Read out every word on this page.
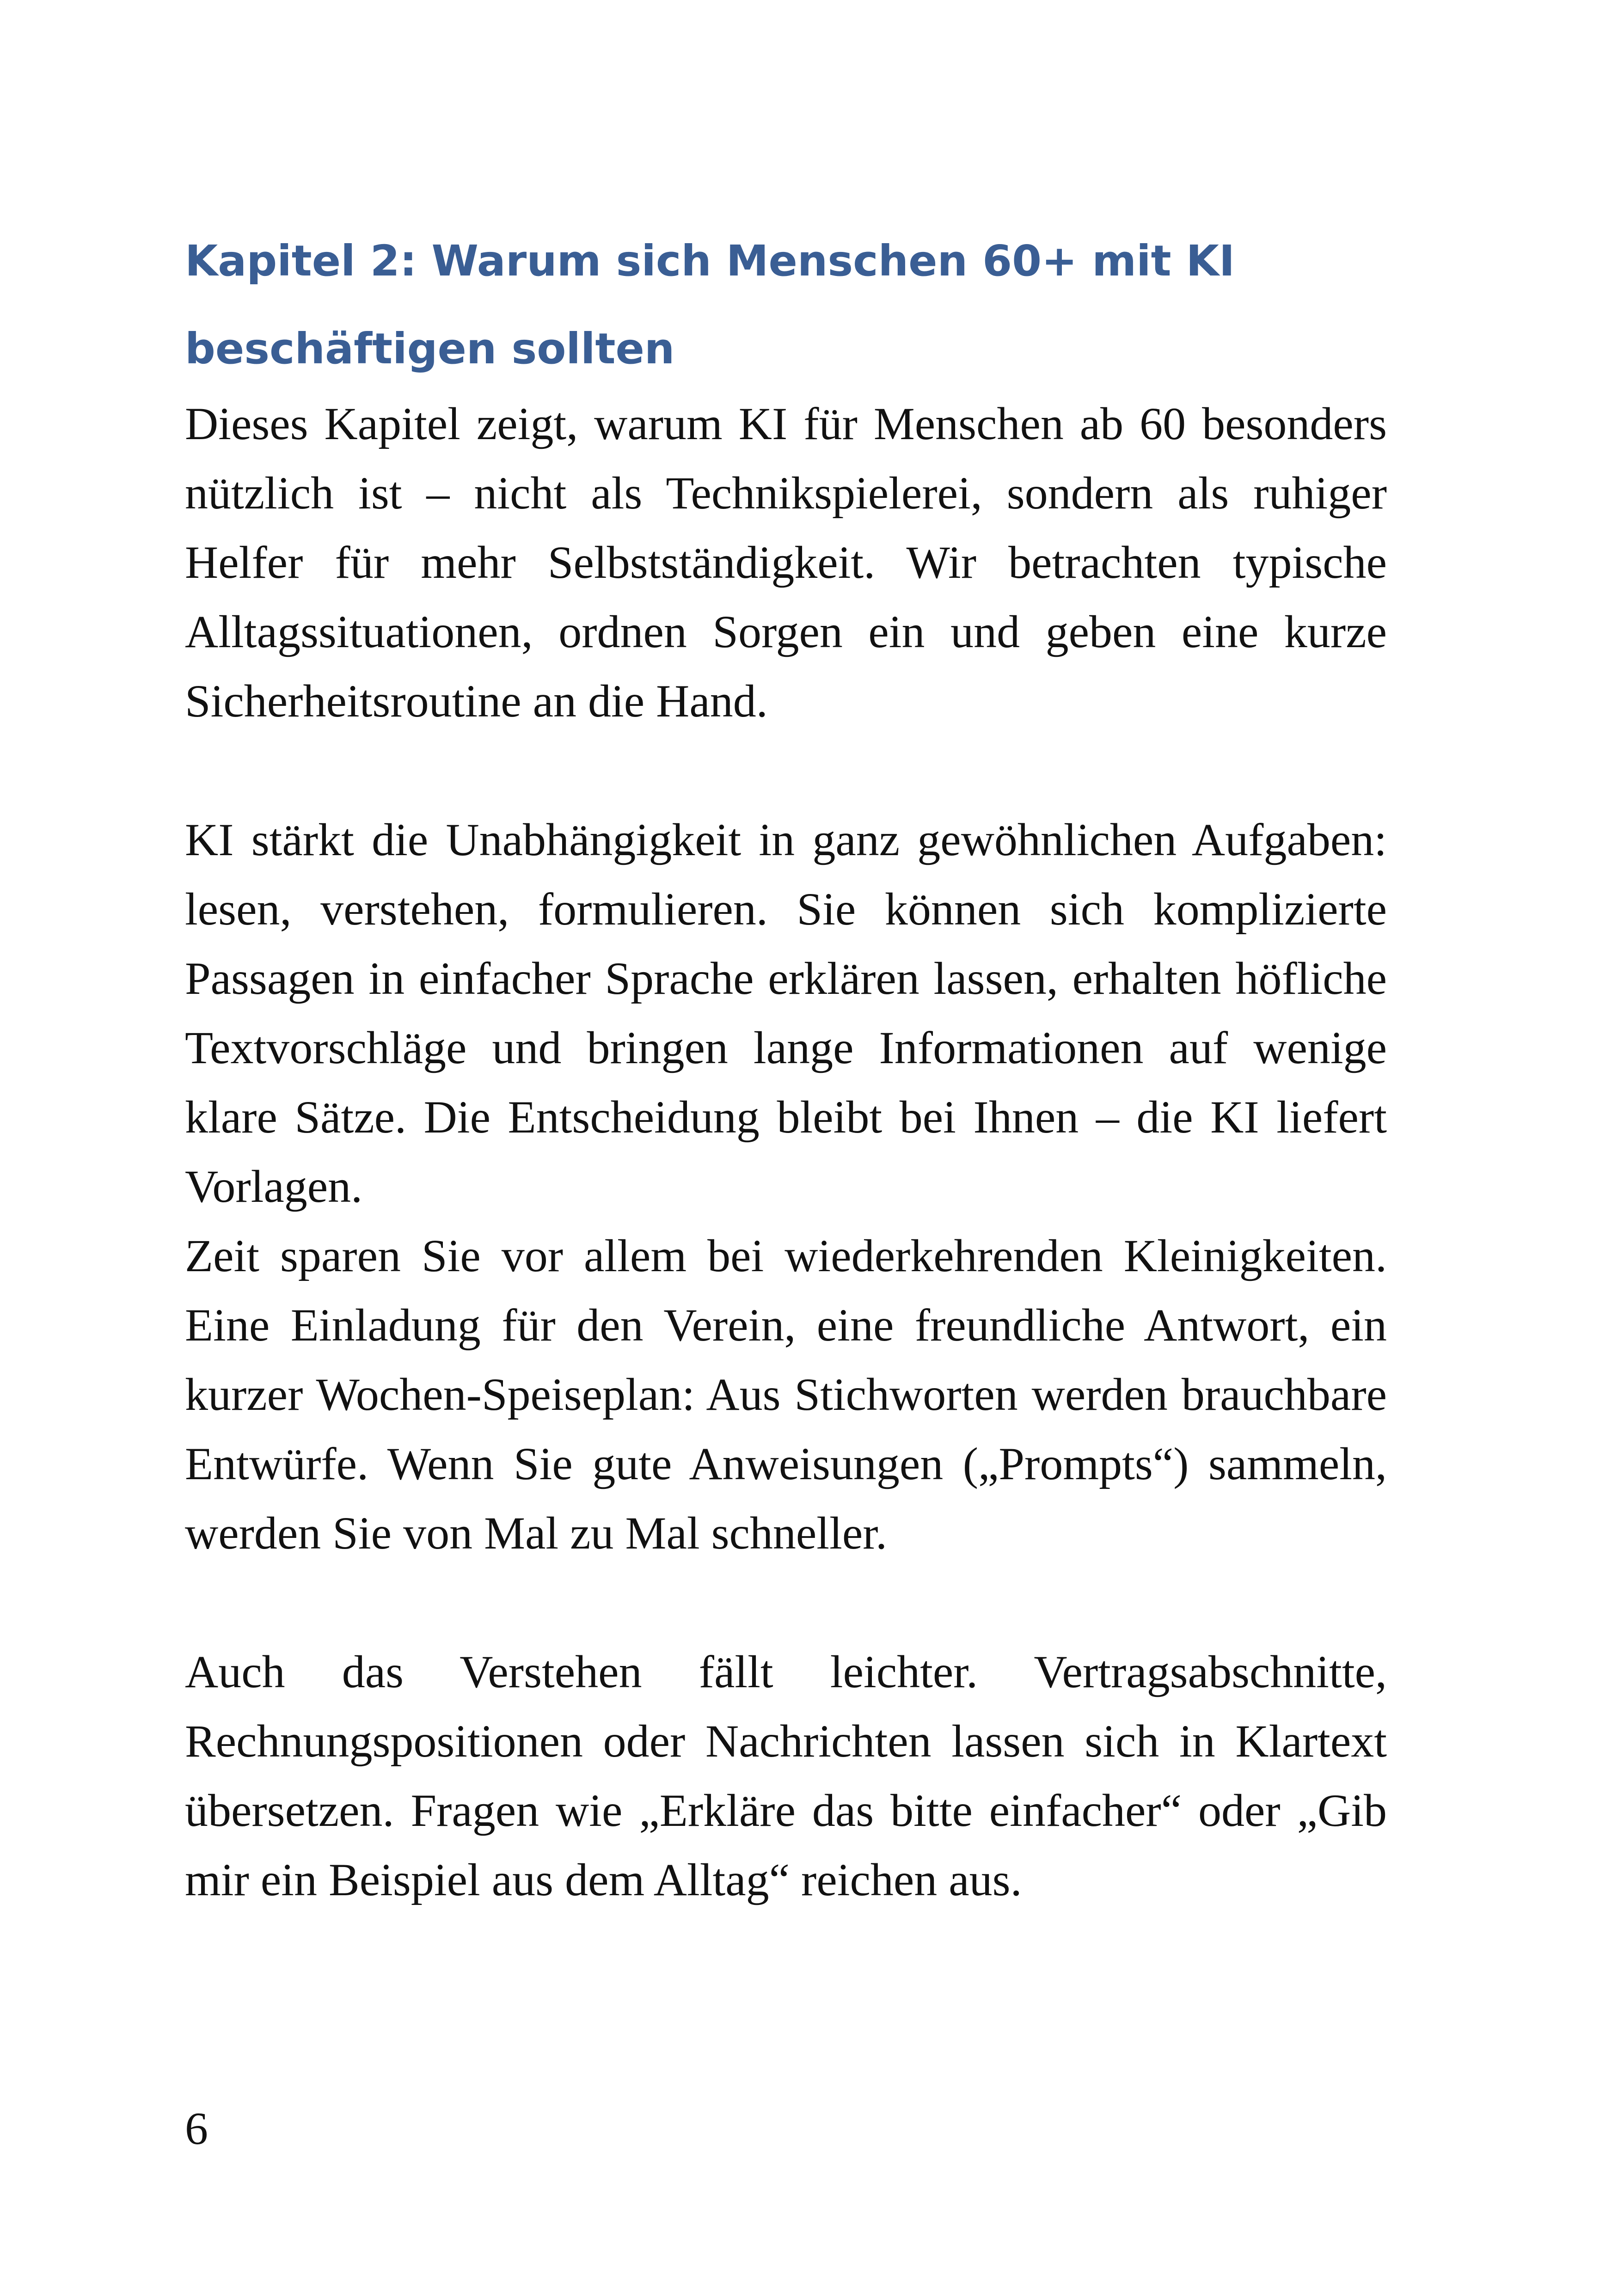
Kapitel 2: Warum sich Menschen 60+ mit KI beschäftigen sollten

Dieses Kapitel zeigt, warum KI für Menschen ab 60 besonders nützlich ist – nicht als Technikspielerei, sondern als ruhiger Helfer für mehr Selbstständigkeit. Wir betrachten typische Alltagssituationen, ordnen Sorgen ein und geben eine kurze Sicherheitsroutine an die Hand.

KI stärkt die Unabhängigkeit in ganz gewöhnlichen Aufgaben: lesen, verstehen, formulieren. Sie können sich komplizierte Passagen in einfacher Sprache erklären lassen, erhalten höfliche Textvorschläge und bringen lange Informationen auf wenige klare Sätze. Die Entscheidung bleibt bei Ihnen – die KI liefert Vorlagen.

Zeit sparen Sie vor allem bei wiederkehrenden Kleinigkeiten. Eine Einladung für den Verein, eine freundliche Antwort, ein kurzer Wochen-Speiseplan: Aus Stichworten werden brauchbare Entwürfe. Wenn Sie gute Anweisungen („Prompts“) sammeln, werden Sie von Mal zu Mal schneller.

Auch das Verstehen fällt leichter. Vertragsabschnitte, Rechnungspositionen oder Nachrichten lassen sich in Klartext übersetzen. Fragen wie „Erkläre das bitte einfacher“ oder „Gib mir ein Beispiel aus dem Alltag“ reichen aus.

6
